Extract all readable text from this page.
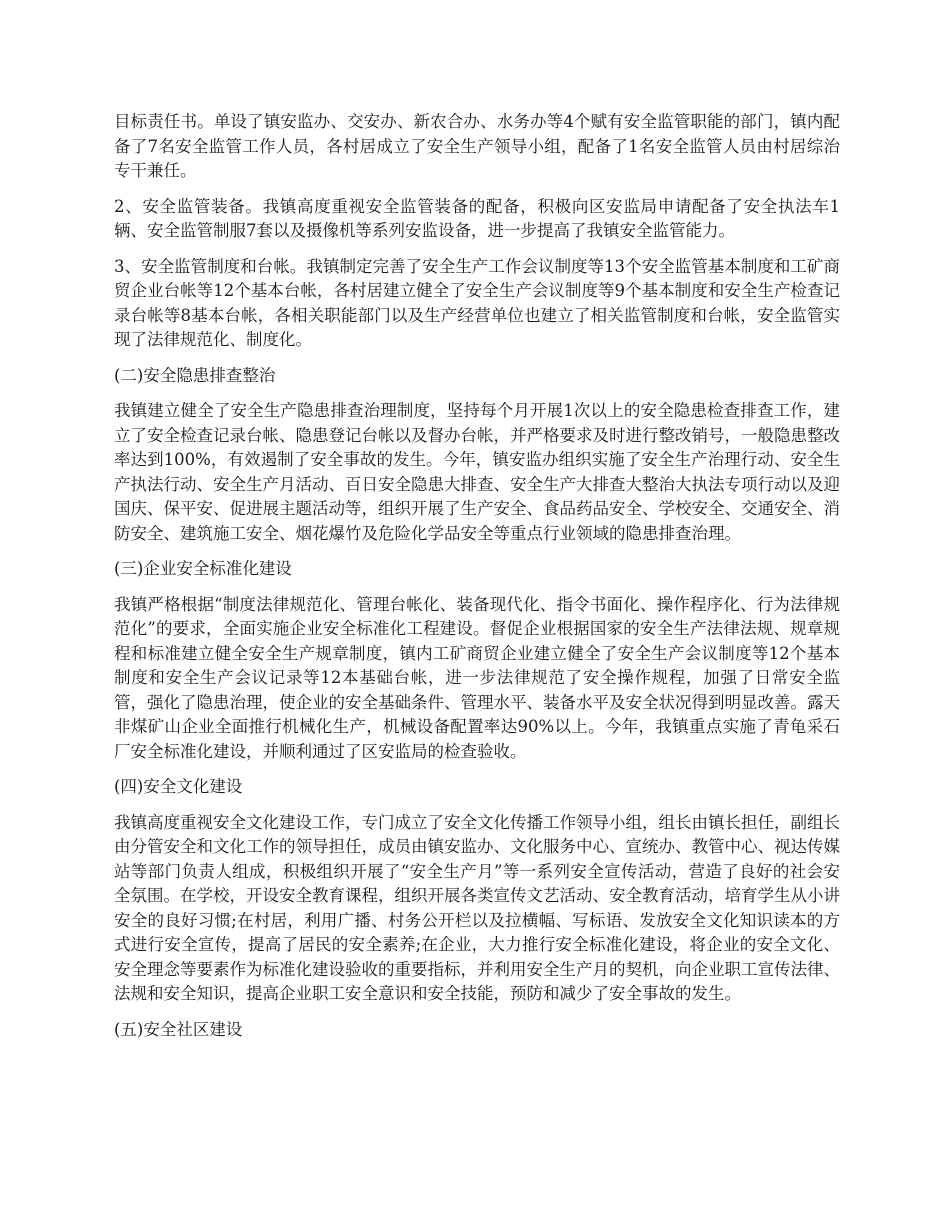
目标责任书。单设了镇安监办、交安办、新农合办、水务办等4个赋有安全监管职能的部门，镇内配备了7名安全监管工作人员，各村居成立了安全生产领导小组，配备了1名安全监管人员由村居综治专干兼任。

2、安全监管装备。我镇高度重视安全监管装备的配备，积极向区安监局申请配备了安全执法车1辆、安全监管制服7套以及摄像机等系列安监设备，进一步提高了我镇安全监管能力。

3、安全监管制度和台帐。我镇制定完善了安全生产工作会议制度等13个安全监管基本制度和工矿商贸企业台帐等12个基本台帐，各村居建立健全了安全生产会议制度等9个基本制度和安全生产检查记录台帐等8基本台帐，各相关职能部门以及生产经营单位也建立了相关监管制度和台帐，安全监管实现了法律规范化、制度化。

(二)安全隐患排查整治

我镇建立健全了安全生产隐患排查治理制度，坚持每个月开展1次以上的安全隐患检查排查工作，建立了安全检查记录台帐、隐患登记台帐以及督办台帐，并严格要求及时进行整改销号，一般隐患整改率达到100%，有效遏制了安全事故的发生。今年，镇安监办组织实施了安全生产治理行动、安全生产执法行动、安全生产月活动、百日安全隐患大排查、安全生产大排查大整治大执法专项行动以及迎国庆、保平安、促进展主题活动等，组织开展了生产安全、食品药品安全、学校安全、交通安全、消防安全、建筑施工安全、烟花爆竹及危险化学品安全等重点行业领域的隐患排查治理。

(三)企业安全标准化建设

我镇严格根据“制度法律规范化、管理台帐化、装备现代化、指令书面化、操作程序化、行为法律规范化”的要求，全面实施企业安全标准化工程建设。督促企业根据国家的安全生产法律法规、规章规程和标准建立健全安全生产规章制度，镇内工矿商贸企业建立健全了安全生产会议制度等12个基本制度和安全生产会议记录等12本基础台帐，进一步法律规范了安全操作规程，加强了日常安全监管，强化了隐患治理，使企业的安全基础条件、管理水平、装备水平及安全状况得到明显改善。露天非煤矿山企业全面推行机械化生产，机械设备配置率达90%以上。今年，我镇重点实施了青龟采石厂安全标准化建设，并顺利通过了区安监局的检查验收。

(四)安全文化建设

我镇高度重视安全文化建设工作，专门成立了安全文化传播工作领导小组，组长由镇长担任，副组长由分管安全和文化工作的领导担任，成员由镇安监办、文化服务中心、宣统办、教管中心、视达传媒站等部门负责人组成，积极组织开展了“安全生产月”等一系列安全宣传活动，营造了良好的社会安全氛围。在学校，开设安全教育课程，组织开展各类宣传文艺活动、安全教育活动，培育学生从小讲安全的良好习惯;在村居，利用广播、村务公开栏以及拉横幅、写标语、发放安全文化知识读本的方式进行安全宣传，提高了居民的安全素养;在企业，大力推行安全标准化建设，将企业的安全文化、安全理念等要素作为标准化建设验收的重要指标，并利用安全生产月的契机，向企业职工宣传法律、法规和安全知识，提高企业职工安全意识和安全技能，预防和减少了安全事故的发生。

(五)安全社区建设
